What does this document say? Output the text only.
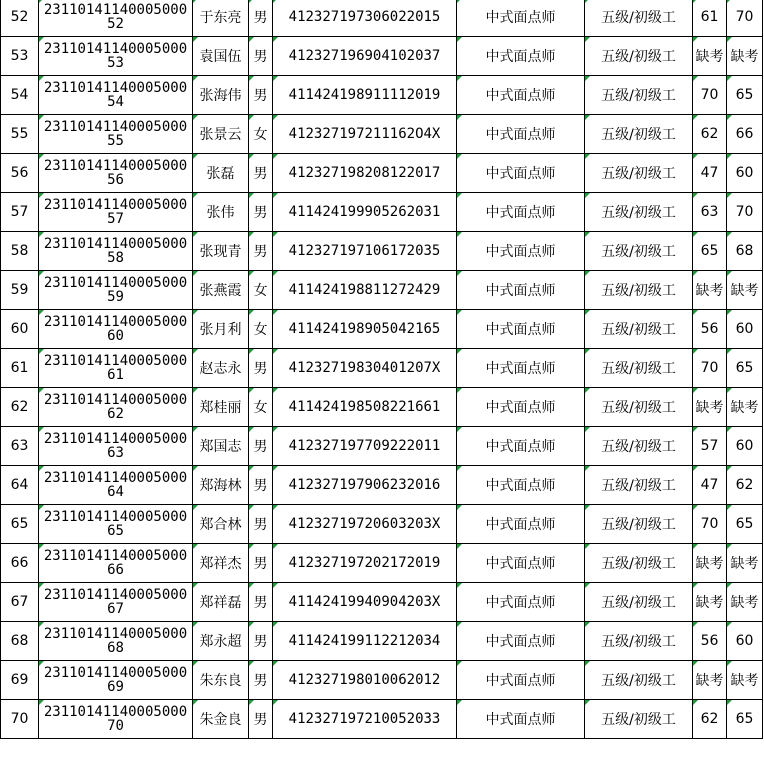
52	2311014114000500052	于东亮	男	412327197306022015	中式面点师	五级/初级工	61	70
53	2311014114000500053	袁国伍	男	412327196904102037	中式面点师	五级/初级工	缺考	缺考
54	2311014114000500054	张海伟	男	411424198911112019	中式面点师	五级/初级工	70	65
55	2311014114000500055	张景云	女	412327197211162O4X	中式面点师	五级/初级工	62	66
56	2311014114000500056	张磊	男	412327198208122017	中式面点师	五级/初级工	47	60
57	2311014114000500057	张伟	男	411424199905262031	中式面点师	五级/初级工	63	70
58	2311014114000500058	张现青	男	412327197106172035	中式面点师	五级/初级工	65	68
59	2311014114000500059	张燕霞	女	411424198811272429	中式面点师	五级/初级工	缺考	缺考
60	2311014114000500060	张月利	女	411424198905042165	中式面点师	五级/初级工	56	60
61	2311014114000500061	赵志永	男	41232719830401207X	中式面点师	五级/初级工	70	65
62	2311014114000500062	郑桂丽	女	411424198508221661	中式面点师	五级/初级工	缺考	缺考
63	2311014114000500063	郑国志	男	412327197709222011	中式面点师	五级/初级工	57	60
64	2311014114000500064	郑海林	男	412327197906232016	中式面点师	五级/初级工	47	62
65	2311014114000500065	郑合林	男	41232719720603203X	中式面点师	五级/初级工	70	65
66	2311014114000500066	郑祥杰	男	412327197202172019	中式面点师	五级/初级工	缺考	缺考
67	2311014114000500067	郑祥磊	男	41142419940904203X	中式面点师	五级/初级工	缺考	缺考
68	2311014114000500068	郑永超	男	411424199112212034	中式面点师	五级/初级工	56	60
69	2311014114000500069	朱东良	男	412327198010062012	中式面点师	五级/初级工	缺考	缺考
70	2311014114000500070	朱金良	男	412327197210052033	中式面点师	五级/初级工	62	65
